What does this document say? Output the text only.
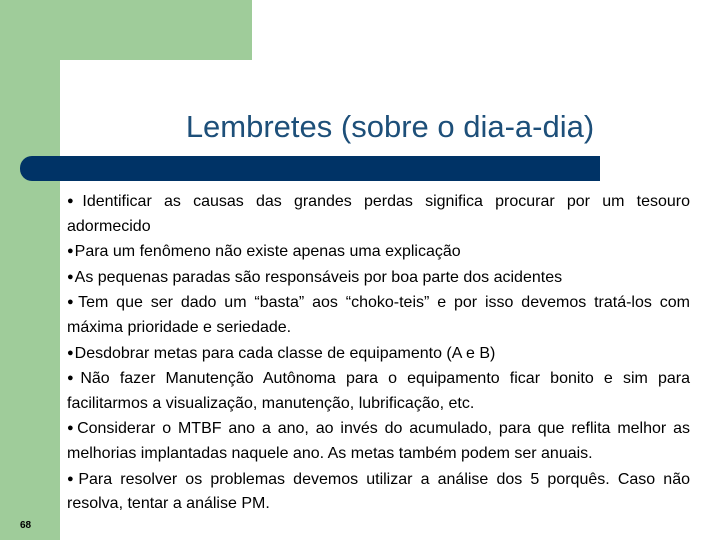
Lembretes (sobre o dia-a-dia)
●Identificar as causas das grandes perdas significa procurar por um tesouro adormecido
●Para um fenômeno não existe apenas uma explicação
●As pequenas paradas são responsáveis por boa parte dos acidentes
●Tem que ser dado um “basta” aos “choko-teis” e por isso devemos tratá-los com máxima prioridade e seriedade.
●Desdobrar metas para cada classe de equipamento (A e B)
●Não fazer Manutenção Autônoma para o equipamento ficar bonito e sim para facilitarmos a visualização, manutenção, lubrificação, etc.
●Considerar o MTBF ano a ano, ao invés do acumulado, para que reflita melhor as melhorias implantadas naquele ano. As metas também podem ser anuais.
●Para resolver os problemas devemos utilizar a análise dos 5 porquês. Caso não resolva, tentar a análise PM.
68
